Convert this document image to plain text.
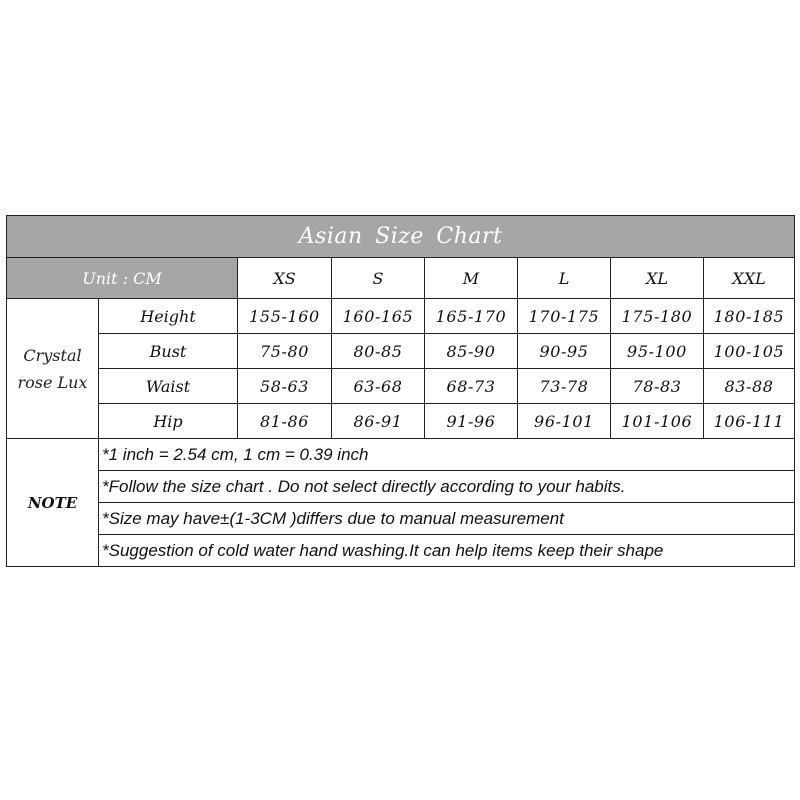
Asian Size Chart							
Unit : CM		XS	S	M	L	XL	XXL
Crystal rose Lux	Height	155-160	160-165	165-170	170-175	175-180	180-185
	Bust	75-80	80-85	85-90	90-95	95-100	100-105
	Waist	58-63	63-68	68-73	73-78	78-83	83-88
	Hip	81-86	86-91	91-96	96-101	101-106	106-111
NOTE	*1 inch = 2.54 cm, 1 cm = 0.39 inch						
	*Follow the size chart . Do not select directly according to your habits.						
	*Size may have±(1-3CM )differs due to manual measurement						
	*Suggestion of cold water hand washing.It can help items keep their shape						
